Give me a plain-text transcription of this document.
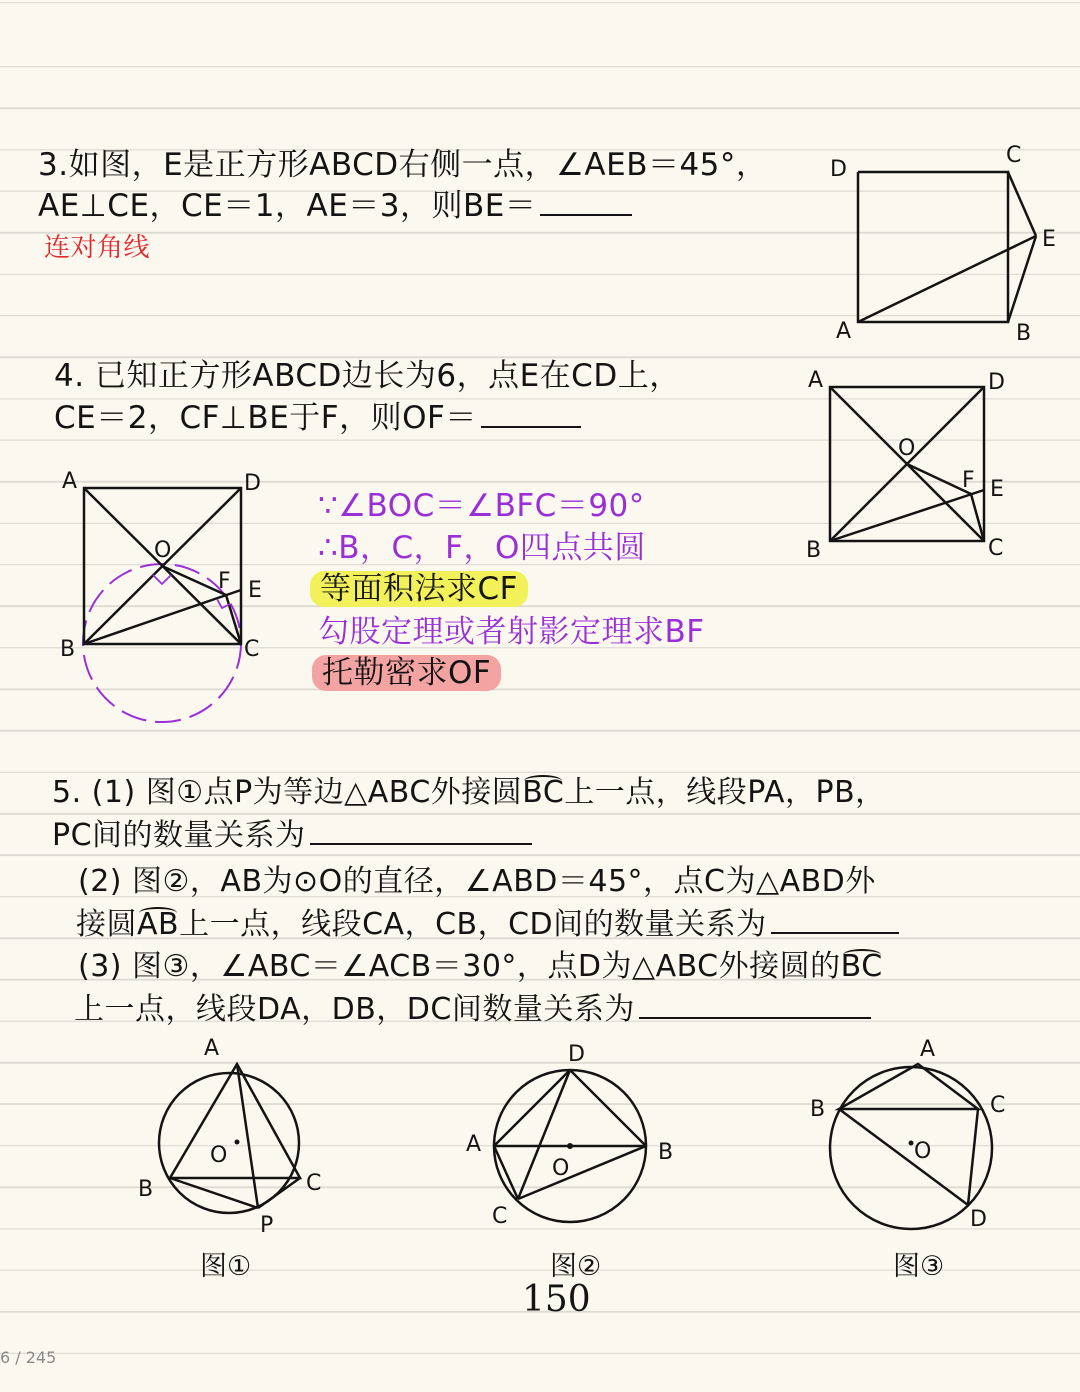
3.如图，E是正方形ABCD右侧一点，∠AEB＝45°，
AE⊥CE，CE＝1，AE＝3，则BE＝
连对角线
D
C
E
A	B
4. 已知正方形ABCD边长为6，点E在CD上，
CE＝2，CF⊥BE于F，则OF＝
A	D
O
F E
B	C
A	D
O
F E
B	C
∵∠BOC＝∠BFC＝90°
∴B，C，F，O四点共圆
等面积法求CF
勾股定理或者射影定理求BF
托勒密求OF
5. (1) 图①点P为等边△ABC外接圆BC上一点，线段PA，PB，
PC间的数量关系为
(2) 图②，AB为⊙O的直径，∠ABD＝45°，点C为△ABD外
接圆AB上一点，线段CA，CB，CD间的数量关系为
(3) 图③，∠ABC＝∠ACB＝30°，点D为△ABC外接圆的BC
上一点，线段DA，DB，DC间数量关系为
A
O
B	C
P
D
A	B
O
C
A
B	C
O
D
图①	图②	图③
150
6 / 245
